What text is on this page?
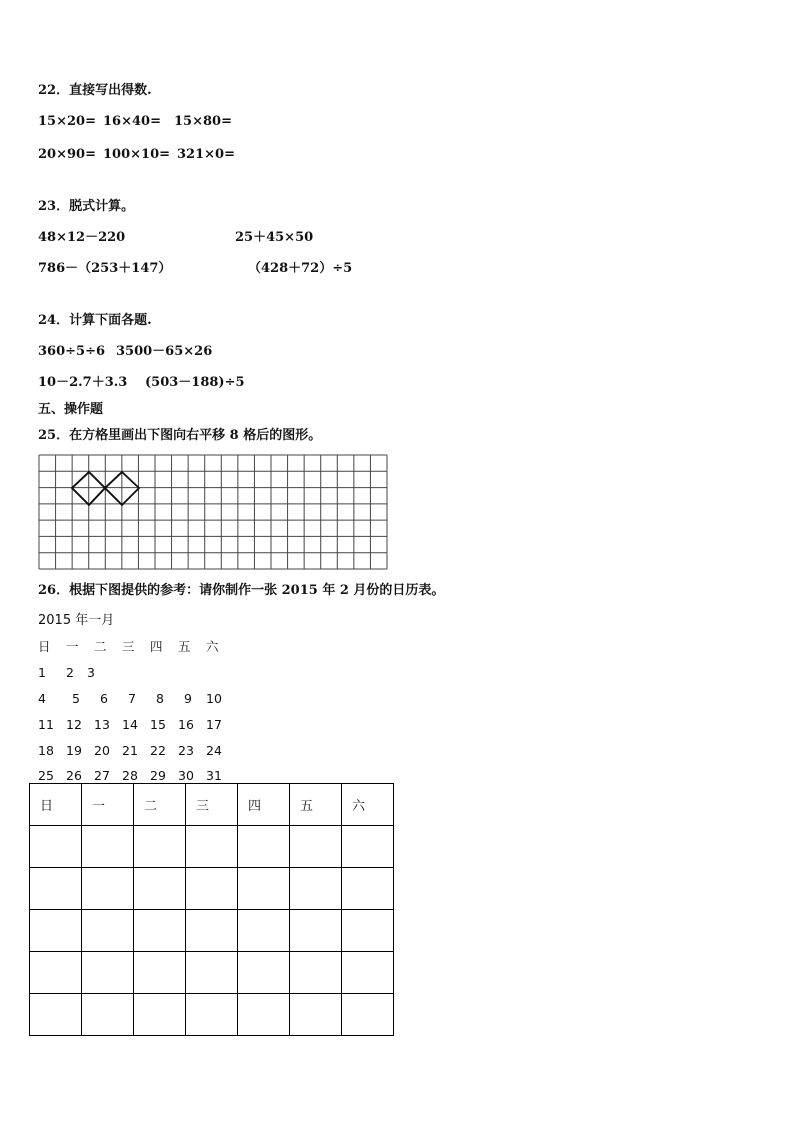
22．直接写出得数.
15×20= 16×40= 15×80=
20×90= 100×10= 321×0=
23．脱式计算。
48×12－220	25＋45×50
786－（253＋147）	（428＋72）÷5
24．计算下面各题.
360÷5÷6 3500－65×26
10－2.7＋3.3 (503－188)÷5
五、操作题
25．在方格里画出下图向右平移 8 格后的图形。
26．根据下图提供的参考：请你制作一张 2015 年 2 月份的日历表。
2015 年一月
日 一 二 三 四 五 六
1 2 3
4 5 6 7 8 9 10
11 12 13 14 15 16 17
18 19 20 21 22 23 24
25 26 27 28 29 30 31
日	一	二	三	四	五	六
